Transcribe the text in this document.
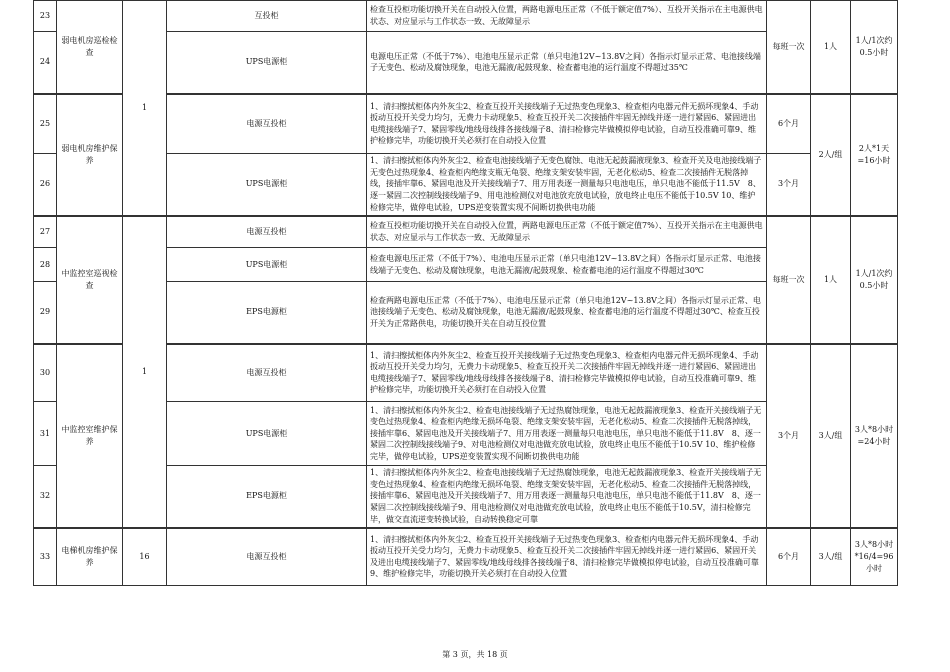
23	弱电机房巡检检查	1	互投柜	检查互投柜功能切换开关在自动投入位置，两路电源电压正常（不低于额定值7%）、互投开关指示在主电源供电状态、对应显示与工作状态一致、无故障显示	每班一次	1人	1人/1次约0.5小时
24			UPS电源柜	电源电压正常（不低于7%）、电池电压显示正常（单只电池12V~13.8V之间）各指示灯显示正常、电池接线端子无变色、松动及腐蚀现象，电池无漏液/起鼓现象、检查蓄电池的运行温度不得超过35℃			
25	弱电机房维护保养		电源互投柜	1、清扫擦拭柜体内外灰尘2、检查互投开关接线端子无过热变色现象3、检查柜内电器元件无损坏现象4、手动扳动互投开关受力均匀，无费力卡动现象5、检查互投开关二次接插件牢固无掉线并逐一进行紧固6、紧固进出电缆接线端子7、紧固零线/地线母线排各接线端子8、清扫检修完毕做模拟停电试验，自动互投准确可靠9、维护检修完毕，功能切换开关必须打在自动投入位置	6个月	2人/组	2人*1天=16小时
26			UPS电源柜	1、清扫擦拭柜体内外灰尘2、检查电池接线端子无变色腐蚀、电池无起鼓漏液现象3、检查开关及电池接线端子无变色过热现象4、检查柜内绝缘支瓶无龟裂、绝缘支架安装牢固，无老化松动5、检查二次接插件无脱落掉线，接插牢靠6、紧固电池及开关接线端子7、用万用表逐一测量每只电池电压，单只电池不能低于11.5V　8、逐一紧固二次控制线接线端子9、用电池检测仪对电池放充放电试验，放电终止电压不能低于10.5V 10、维护检修完毕，做停电试验，UPS逆变装置实现不间断切换供电功能	3个月		
27	中监控室巡视检查	1	电源互投柜	检查互投柜功能切换开关在自动投入位置，两路电源电压正常（不低于额定值7%）、互投开关指示在主电源供电状态、对应显示与工作状态一致、无故障显示	每班一次	1人	1人/1次约0.5小时
28			UPS电源柜	检查电源电压正常（不低于7%）、电池电压显示正常（单只电池12V~13.8V之间）各指示灯显示正常、电池接线端子无变色、松动及腐蚀现象，电池无漏液/起鼓现象、检查蓄电池的运行温度不得超过30℃			
29			EPS电源柜	检查两路电源电压正常（不低于7%）、电池电压显示正常（单只电池12V~13.8V之间）各指示灯显示正常、电池接线端子无变色、松动及腐蚀现象，电池无漏液/起鼓现象、检查蓄电池的运行温度不得超过30℃、检查互投开关为正常路供电，功能切换开关在自动互投位置			
30	中监控室维护保养		电源互投柜	1、清扫擦拭柜体内外灰尘2、检查互投开关接线端子无过热变色现象3、检查柜内电器元件无损坏现象4、手动扳动互投开关受力均匀，无费力卡动现象5、检查互投开关二次接插件牢固无掉线并逐一进行紧固6、紧固进出电缆接线端子7、紧固零线/地线母线排各接线端子8、清扫检修完毕做模拟停电试验，自动互投准确可靠9、维护检修完毕，功能切换开关必须打在自动投入位置	3个月	3人/组	3人*8小时=24小时
31			UPS电源柜	1、清扫擦拭柜体内外灰尘2、检查电池接线端子无过热腐蚀现象，电池无起鼓漏液现象3、检查开关接线端子无变色过热现象4、检查柜内绝缘无损坏龟裂、绝缘支架安装牢固，无老化松动5、检查二次接插件无脱落掉线，接插牢靠6、紧固电池及开关接线端子7、用万用表逐一测量每只电池电压，单只电池不能低于11.8V　8、逐一紧固二次控制线接线端子9、对电池检测仪对电池做充放电试验，放电终止电压不能低于10.5V 10、维护检修完毕，做停电试验，UPS逆变装置实现不间断切换供电功能			
32			EPS电源柜	1、清扫擦拭柜体内外灰尘2、检查电池接线端子无过热腐蚀现象，电池无起鼓漏液现象3、检查开关接线端子无变色过热现象4、检查柜内绝缘无损坏龟裂、绝缘支架安装牢固，无老化松动5、检查二次接插件无脱落掉线，接插牢靠6、紧固电池及开关接线端子7、用万用表逐一测量每只电池电压，单只电池不能低于11.8V　8、逐一紧固二次控制线接线端子9、用电池检测仪对电池做充放电试验，放电终止电压不能低于10.5V，清扫检修完毕，做交直流逆变转换试验，自动转换稳定可靠			
33	电梯机房维护保养	16	电源互投柜	1、清扫擦拭柜体内外灰尘2、检查互投开关接线端子无过热变色现象3、检查柜内电器元件无损坏现象4、手动扳动互投开关受力均匀，无费力卡动现象5、检查互投开关二次接插件牢固无掉线并逐一进行紧固6、紧固开关及进出电缆接线端子7、紧固零线/地线母线排各接线端子8、清扫检修完毕做模拟停电试验，自动互投准确可靠9、维护检修完毕，功能切换开关必须打在自动投入位置	6个月	3人/组	3人*8小时*16/4=96小时
第 3 页，共 18 页
